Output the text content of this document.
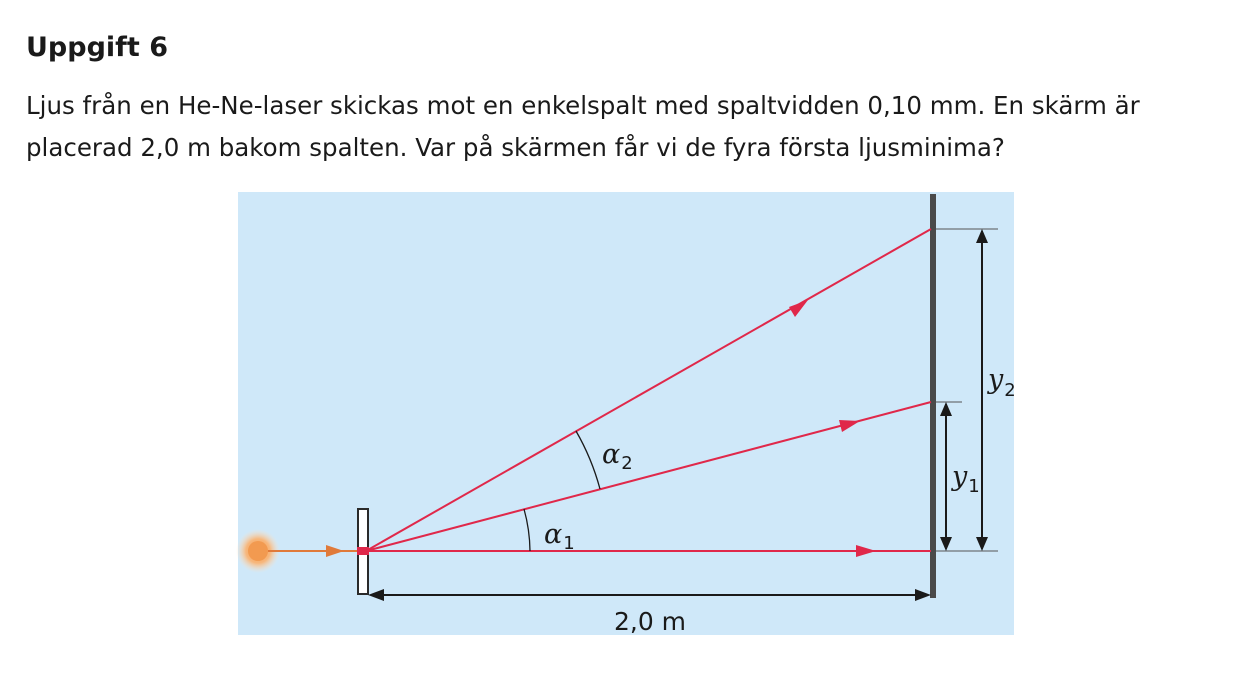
Uppgift 6

Ljus från en He-Ne-laser skickas mot en enkelspalt med spaltvidden 0,10 mm. En skärm är placerad 2,0 m bakom spalten. Var på skärmen får vi de fyra första ljusminima?

$\alpha_1$
$\alpha_2$	$y_1$
$y_2$
2,0 m
